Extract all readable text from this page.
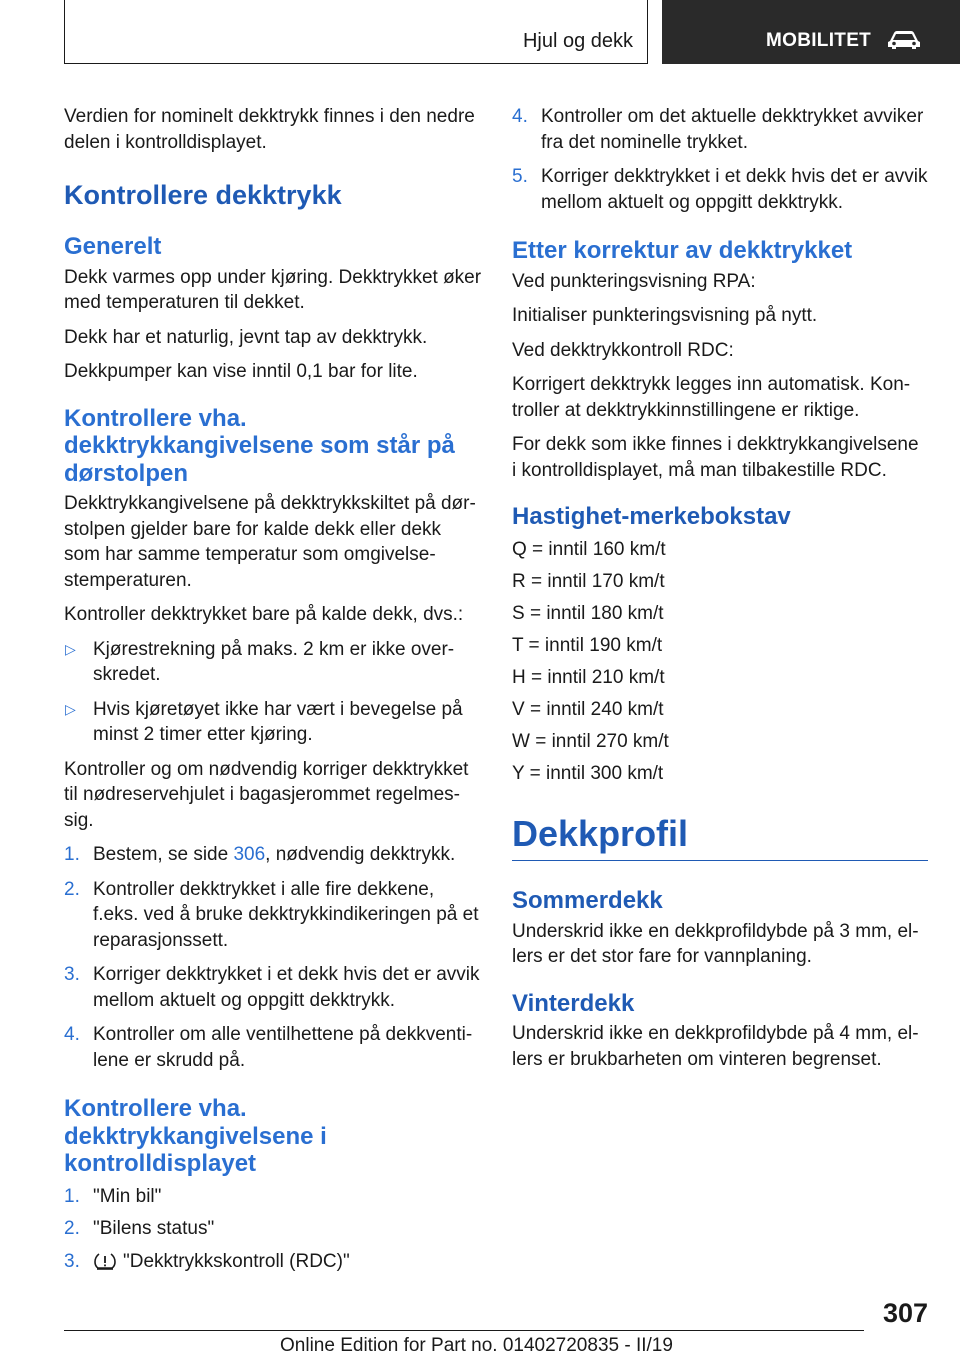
Hjul og dekk	MOBILITET

Verdien for nominelt dekktrykk finnes i den nedre delen i kontrolldisplayet.

Kontrollere dekktrykk
Generelt

Dekk varmes opp under kjøring. Dekktrykket øker med temperaturen til dekket.

Dekk har et naturlig, jevnt tap av dekktrykk.

Dekkpumper kan vise inntil 0,1 bar for lite.

Kontrollere vha. dekktrykkangivelsene som står på dørstolpen

Dekktrykkangivelsene på dekktrykkskiltet på dør-stolpen gjelder bare for kalde dekk eller dekk som har samme temperatur som omgivelse-stemperaturen.

Kontroller dekktrykket bare på kalde dekk, dvs.:

▷ Kjørestrekning på maks. 2 km er ikke over-skredet.
▷ Hvis kjøretøyet ikke har vært i bevegelse på minst 2 timer etter kjøring.

Kontroller og om nødvendig korriger dekktrykket til nødreservehjulet i bagasjerommet regelmes-sig.

1. Bestem, se side 306, nødvendig dekktrykk.
2. Kontroller dekktrykket i alle fire dekkene, f.eks. ved å bruke dekktrykkindikeringen på et reparasjonssett.
3. Korriger dekktrykket i et dekk hvis det er avvik mellom aktuelt og oppgitt dekktrykk.
4. Kontroller om alle ventilhettene på dekkventi-lene er skrudd på.
Kontrollere vha. dekktrykkangivelsene i kontrolldisplayet
1. "Min bil"
2. "Bilens status"
3. "Dekktrykkskontroll (RDC)"
4. Kontroller om det aktuelle dekktrykket avviker fra det nominelle trykket.
5. Korriger dekktrykket i et dekk hvis det er avvik mellom aktuelt og oppgitt dekktrykk.
Etter korrektur av dekktrykket

Ved punkteringsvisning RPA:

Initialiser punkteringsvisning på nytt.

Ved dekktrykkontroll RDC:

Korrigert dekktrykk legges inn automatisk. Kon-troller at dekktrykkinnstillingene er riktige.

For dekk som ikke finnes i dekktrykkangivelsene i kontrolldisplayet, må man tilbakestille RDC.

Hastighet-merkebokstav

Q = inntil 160 km/t

R = inntil 170 km/t

S = inntil 180 km/t

T = inntil 190 km/t

H = inntil 210 km/t

V = inntil 240 km/t

W = inntil 270 km/t

Y = inntil 300 km/t

Dekkprofil
Sommerdekk

Underskrid ikke en dekkprofildybde på 3 mm, el-lers er det stor fare for vannplaning.

Vinterdekk

Underskrid ikke en dekkprofildybde på 4 mm, el-lers er brukbarheten om vinteren begrenset.

307
Online Edition for Part no. 01402720835 - II/19
